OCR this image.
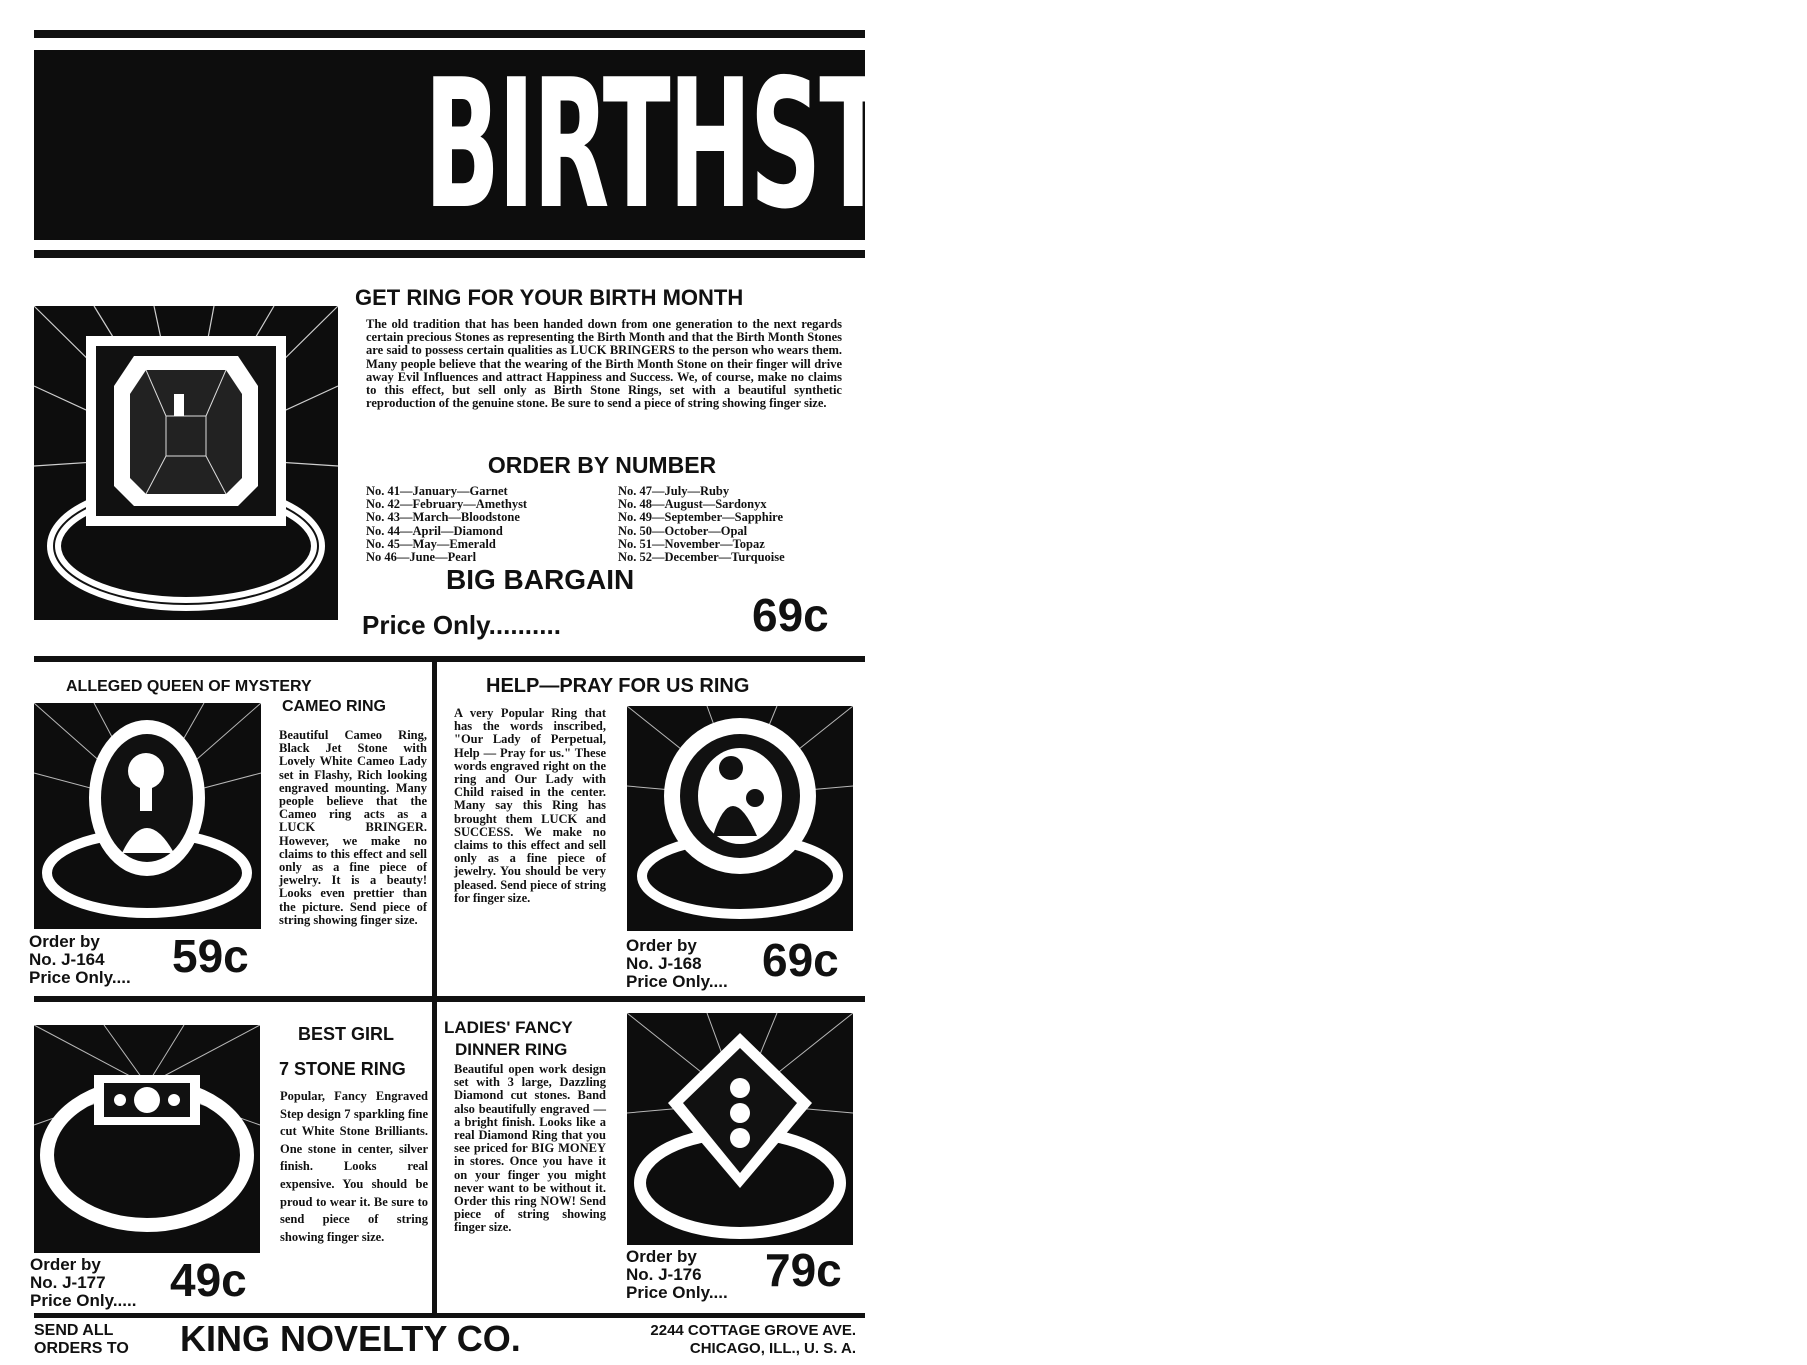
BIRTHSTONE RING
GET RING FOR YOUR BIRTH MONTH
The old tradition that has been handed down from one generation to the next regards certain precious Stones as representing the Birth Month and that the Birth Month Stones are said to possess certain qualities as LUCK BRINGERS to the person who wears them. Many people believe that the wearing of the Birth Month Stone on their finger will drive away Evil Influences and attract Happiness and Success. We, of course, make no claims to this effect, but sell only as Birth Stone Rings, set with a beautiful synthetic reproduction of the genuine stone. Be sure to send a piece of string showing finger size.
ORDER BY NUMBER
No. 41—January—Garnet
No. 42—February—Amethyst
No. 43—March—Bloodstone
No. 44—April—Diamond
No. 45—May—Emerald
No 46—June—Pearl
No. 47—July—Ruby
No. 48—August—Sardonyx
No. 49—September—Sapphire
No. 50—October—Opal
No. 51—November—Topaz
No. 52—December—Turquoise
BIG BARGAIN
Price Only..........	69c
ALLEGED QUEEN OF MYSTERY
CAMEO RING
Beautiful Cameo Ring, Black Jet Stone with Lovely White Cameo Lady set in Flashy, Rich looking engraved mounting. Many people believe that the Cameo ring acts as a LUCK BRINGER. However, we make no claims to this effect and sell only as a fine piece of jewelry. It is a beauty! Looks even prettier than the picture. Send piece of string showing finger size.
Order by
No. J-164
Price Only.... 59c
HELP—PRAY FOR US RING
A very Popular Ring that has the words inscribed, "Our Lady of Perpetual, Help — Pray for us." These words engraved right on the ring and Our Lady with Child raised in the center. Many say this Ring has brought them LUCK and SUCCESS. We make no claims to this effect and sell only as a fine piece of jewelry. You should be very pleased. Send piece of string for finger size.
Order by
No. J-168
Price Only.... 69c
BEST GIRL
7 STONE RING
Popular, Fancy Engraved Step design 7 sparkling fine cut White Stone Brilliants. One stone in center, silver finish. Looks real expensive. You should be proud to wear it. Be sure to send piece of string showing finger size.
Order by
No. J-177
Price Only..... 49c
LADIES' FANCY
DINNER RING
Beautiful open work design set with 3 large, Dazzling Diamond cut stones. Band also beautifully engraved — a bright finish. Looks like a real Diamond Ring that you see priced for BIG MONEY in stores. Once you have it on your finger you might never want to be without it. Order this ring NOW! Send piece of string showing finger size.
Order by
No. J-176
Price Only.... 79c
SEND ALL
ORDERS TO KING NOVELTY CO.	2244 COTTAGE GROVE AVE.
CHICAGO, ILL., U. S. A.
